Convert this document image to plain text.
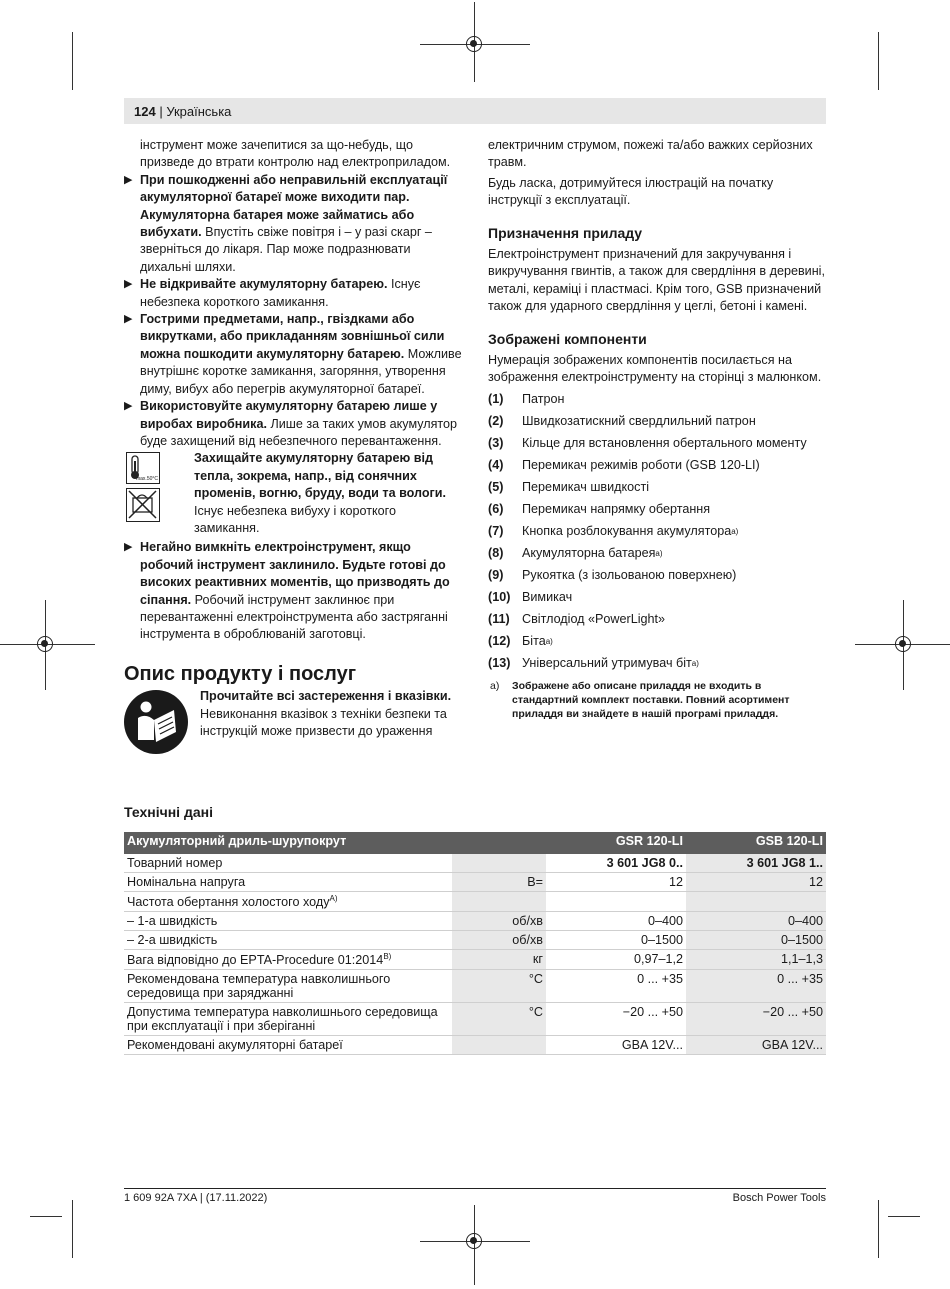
124 | Українська

інструмент може зачепитися за що-небудь, що

призведе до втрати контролю над електроприладом.

▶ При пошкодженні або неправильній експлуатації

акумуляторної батареї може виходити пар.

Акумуляторна батарея може займатись або

вибухати. Впустіть свіже повітря і – у разі скарг –

зверніться до лікаря. Пар може подразнювати

дихальні шляхи.

▶ Не відкривайте акумуляторну батарею. Існує

небезпека короткого замикання.

▶ Гострими предметами, напр., гвіздками або

викрутками, або прикладанням зовнішньої сили

можна пошкодити акумуляторну батарею. Можливе

внутрішнє коротке замикання, загоряння, утворення

диму, вибух або перегрів акумуляторної батареї.

▶ Використовуйте акумуляторну батарею лише у

виробах виробника. Лише за таких умов акумулятор

буде захищений від небезпечного перевантаження.

max.50°C

Захищайте акумуляторну батарею від

тепла, зокрема, напр., від сонячних

променів, вогню, бруду, води та вологи.

Існує небезпека вибуху і короткого

замикання.

▶ Негайно вимкніть електроінструмент, якщо

робочий інструмент заклинило. Будьте готові до

високих реактивних моментів, що призводять до

сіпання. Робочий інструмент заклинює при

перевантаженні електроінструмента або застряганні

інструмента в оброблюваній заготовці.

Опис продукту і послуг

Прочитайте всі застереження і вказівки.

Невиконання вказівок з техніки безпеки та

інструкцій може призвести до ураження

електричним струмом, пожежі та/або важких серйозних

травм.

Будь ласка, дотримуйтеся ілюстрацій на початку

інструкції з експлуатації.

Призначення приладу

Електроінструмент призначений для закручування і

викручування гвинтів, а також для свердління в деревині,

металі, кераміці і пластмасі. Крім того, GSB призначений

також для ударного свердління у цеглі, бетоні і камені.

Зображені компоненти

Нумерація зображених компонентів посилається на

зображення електроінструменту на сторінці з малюнком.

(1)	Патрон
(2)	Швидкозатискний свердлильний патрон
(3)	Кільце для встановлення обертального моменту
(4)	Перемикач режимів роботи (GSB 120-LI)
(5)	Перемикач швидкості
(6)	Перемикач напрямку обертання
(7)	Кнопка розблокування акумулятора a)
(8)	Акумуляторна батарея a)
(9)	Рукоятка (з ізольованою поверхнею)
(10) Вимикач
(11) Світлодіод «PowerLight»
(12) Біта a)
(13) Універсальний утримувач біт a)
a) Зображене або описане приладдя не входить в

стандартний комплект поставки. Повний асортимент

приладдя ви знайдете в нашій програмі приладдя.

Технічні дані
Акумуляторний дриль-шурупокрут		GSR 120-LI	GSB 120-LI
Товарний номер		3 601 JG8 0..	3 601 JG8 1..
Номінальна напруга	В=	12	12
Частота обертання холостого ходу$^{A)}$			
– 1-а швидкість	об/хв	0–400	0–400
– 2-а швидкість	об/хв	0–1500	0–1500
Вага відповідно до EPTA-Procedure $01:2014^{B)}$	кг	0,97–1,2	1,1–1,3

Рекомендована температура навколишнього
середовища при заряджанні	°C	0 ... +35	0 ... +35

Допустима температура навколишнього середовища
при експлуатації і при зберіганні	°C	−20 ... +50	−20 ... +50
Рекомендовані акумуляторні батареї		GBA 12V...	GBA 12V...
1 609 92A 7XA | (17.11.2022)	Bosch Power Tools
